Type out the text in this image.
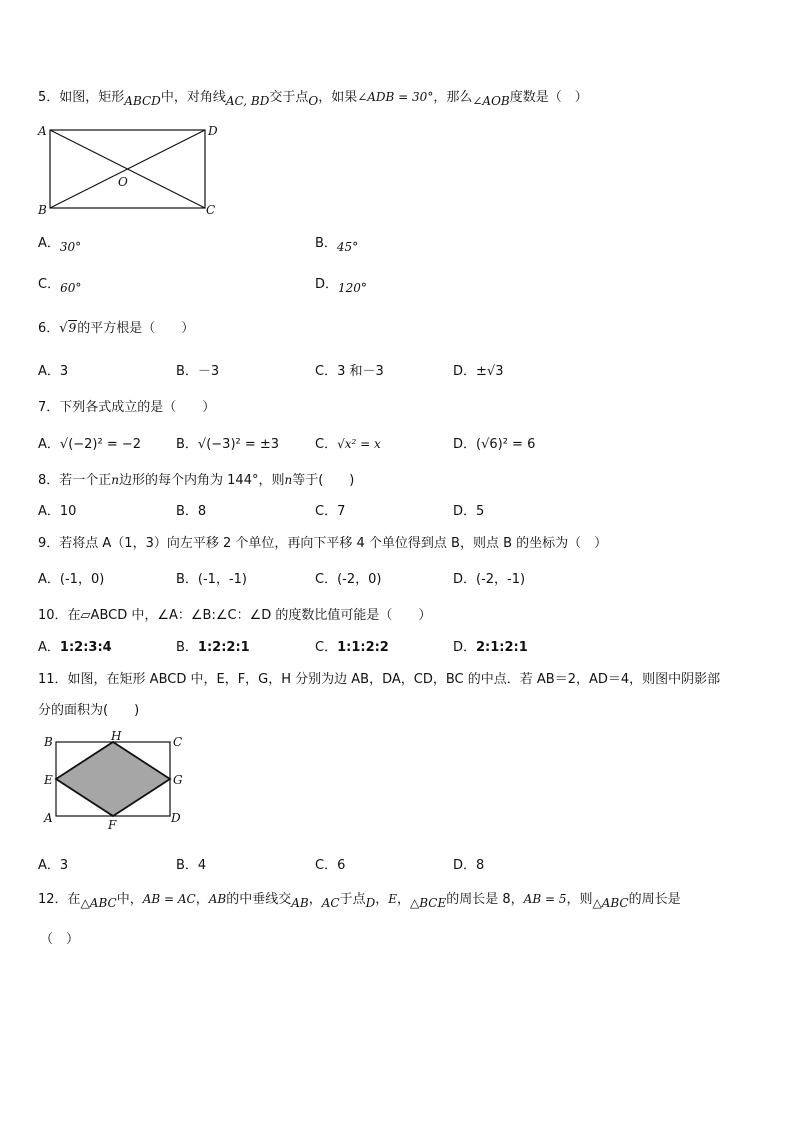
5．如图，矩形ABCD中，对角线AC, BD交于点O，如果∠ADB = 30°，那么∠AOB度数是（　）
A	D
O
B	C
A．30°	B．45°
C．60°	D．120°
6．√9的平方根是（　　）
A．3	B．－3	C．3 和－3	D．±√3
7．下列各式成立的是（　　）
A．√(−2)² = −2	B．√(−3)² = ±3	C．√x² = x	D．(√6)² = 6
8．若一个正n边形的每个内角为 144°，则n等于(　　)
A．10	B．8	C．7	D．5
9．若将点 A（1，3）向左平移 2 个单位，再向下平移 4 个单位得到点 B，则点 B 的坐标为（　）
A．(-1，0)	B．(-1，-1)	C．(-2，0)	D．(-2，-1)
10．在▱ABCD 中，∠A：∠B:∠C：∠D 的度数比值可能是（　　）
A．1:2:3:4	B．1:2:2:1	C．1:1:2:2	D．2:1:2:1
11．如图，在矩形 ABCD 中，E，F，G，H 分别为边 AB，DA，CD，BC 的中点．若 AB＝2，AD＝4，则图中阴影部
分的面积为(　　)
B	H	C
E	G
A	F	D
A．3	B．4	C．6	D．8
12．在△ABC中，AB = AC，AB的中垂线交AB，AC于点D，E，△BCE的周长是 8，AB = 5，则△ABC的周长是
（　）
